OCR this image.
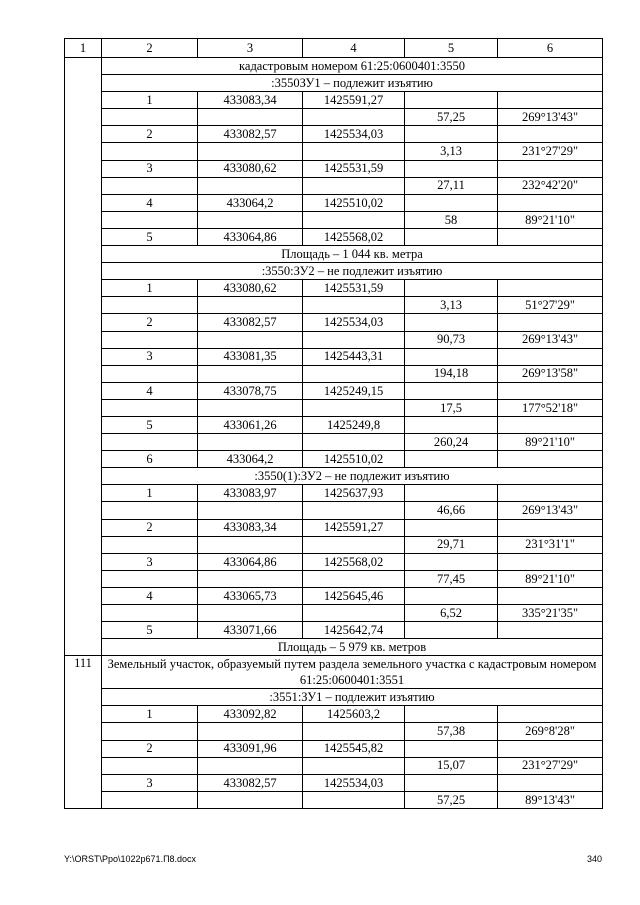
1	2	3	4	5	6
	кадастровым номером 61:25:0600401:3550				
	:3550ЗУ1 – подлежит изъятию				
	1	433083,34	1425591,27		
				57,25	269°13'43"
	2	433082,57	1425534,03		
				3,13	231°27'29"
	3	433080,62	1425531,59		
				27,11	232°42'20"
	4	433064,2	1425510,02		
				58	89°21'10"
	5	433064,86	1425568,02		
	Площадь – 1 044 кв. метра				
	:3550:ЗУ2 – не подлежит изъятию				
	1	433080,62	1425531,59		
				3,13	51°27'29"
	2	433082,57	1425534,03		
				90,73	269°13'43"
	3	433081,35	1425443,31		
				194,18	269°13'58"
	4	433078,75	1425249,15		
				17,5	177°52'18"
	5	433061,26	1425249,8		
				260,24	89°21'10"
	6	433064,2	1425510,02		
	:3550(1):ЗУ2 – не подлежит изъятию				
	1	433083,97	1425637,93		
				46,66	269°13'43"
	2	433083,34	1425591,27		
				29,71	231°31'1"
	3	433064,86	1425568,02		
				77,45	89°21'10"
	4	433065,73	1425645,46		
				6,52	335°21'35"
	5	433071,66	1425642,74		
	Площадь – 5 979 кв. метров				
111	Земельный участок, образуемый путем раздела земельного участка с кадастровым номером 61:25:0600401:3551				
	:3551:ЗУ1 – подлежит изъятию				
	1	433092,82	1425603,2		
				57,38	269°8'28"
	2	433091,96	1425545,82		
				15,07	231°27'29"
	3	433082,57	1425534,03		
				57,25	89°13'43"
Y:\ORST\Ppo\1022p671.П8.docx	340
